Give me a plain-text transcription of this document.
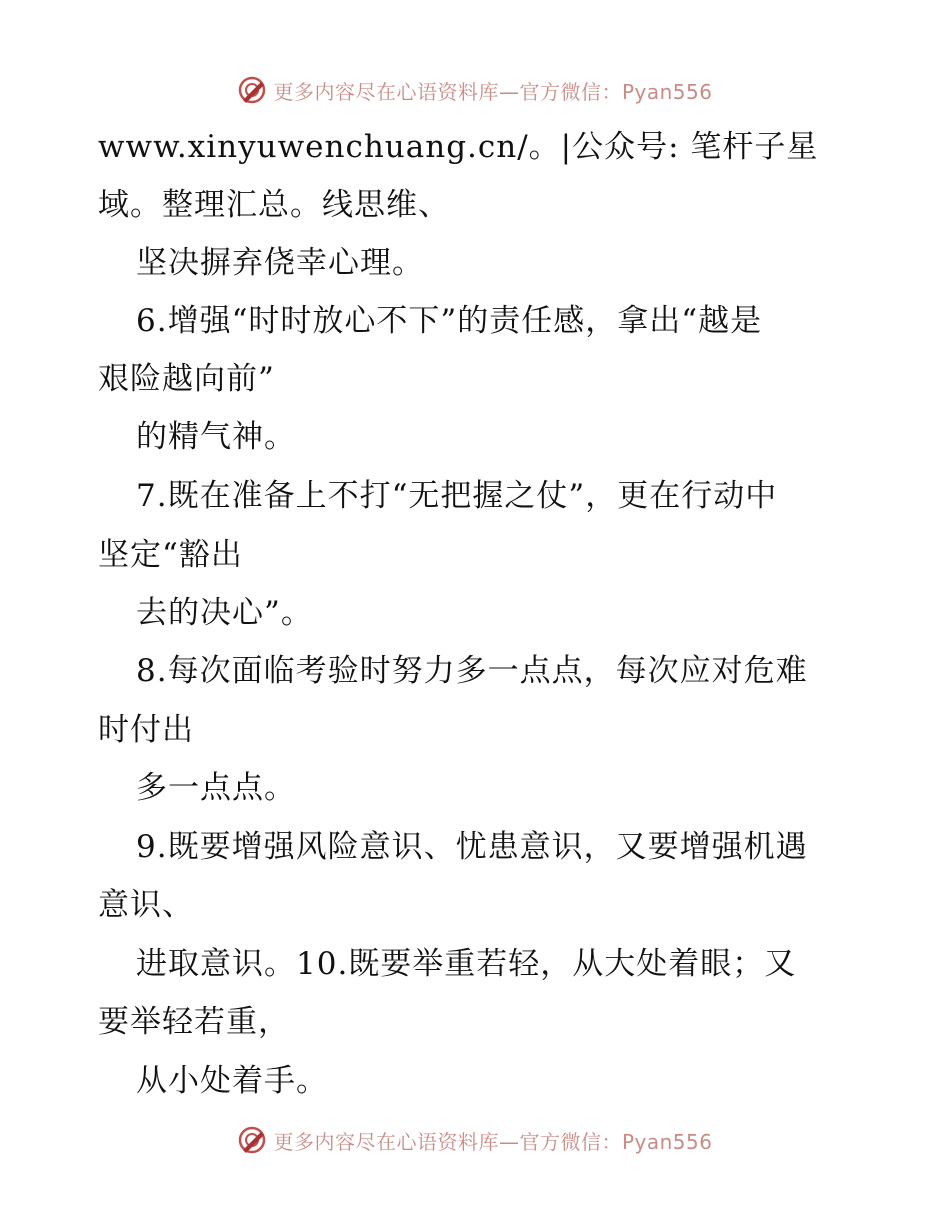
更多内容尽在心语资料库—官方微信：Pyan556
www.xinyuwenchuang.cn/。|公众号: 笔杆子星
域。整理汇总。线思维、
坚决摒弃侥幸心理。
6.增强“时时放心不下”的责任感，拿出“越是
艰险越向前”
的精气神。
7.既在准备上不打“无把握之仗”，更在行动中
坚定“豁出
去的决心”。
8.每次面临考验时努力多一点点，每次应对危难
时付出
多一点点。
9.既要增强风险意识、忧患意识，又要增强机遇
意识、
进取意识。10.既要举重若轻，从大处着眼；又
要举轻若重，
从小处着手。
更多内容尽在心语资料库—官方微信：Pyan556
